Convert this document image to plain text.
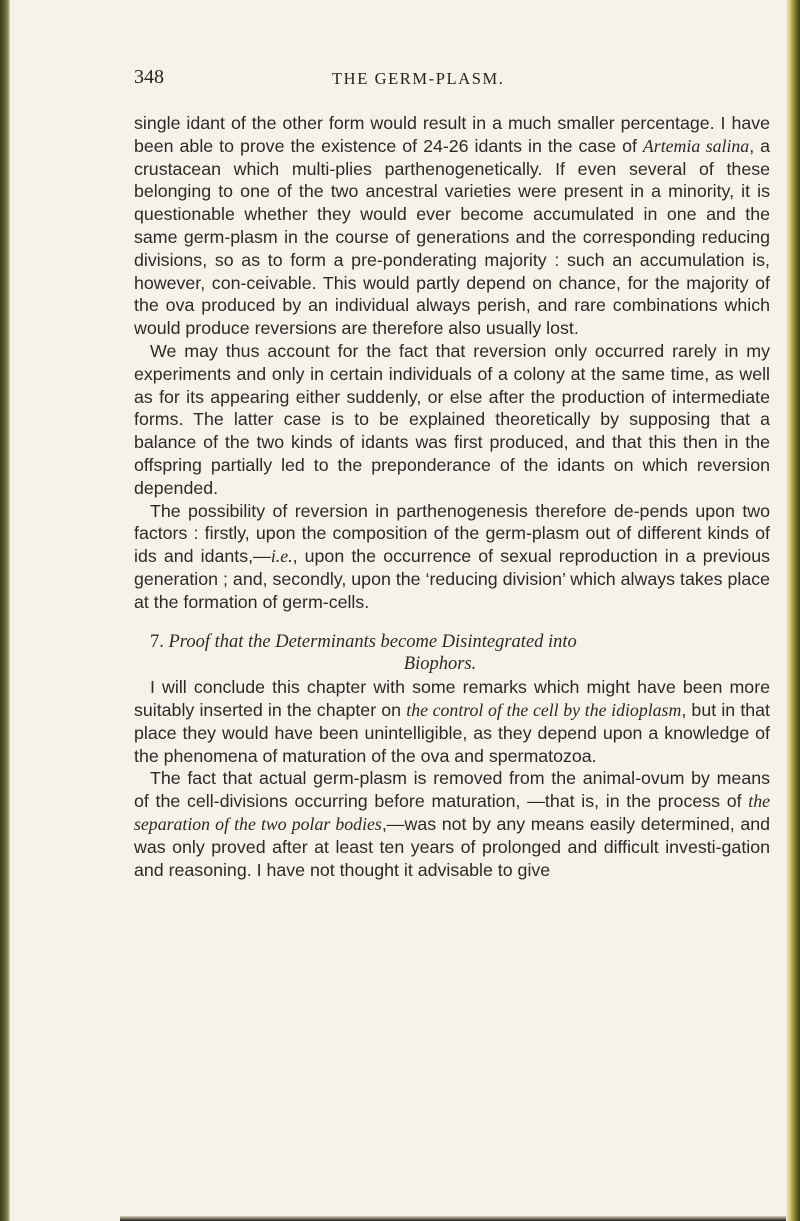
348	THE GERM-PLASM.

single idant of the other form would result in a much smaller percentage. I have been able to prove the existence of 24-26 idants in the case of Artemia salina, a crustacean which multi-plies parthenogenetically. If even several of these belonging to one of the two ancestral varieties were present in a minority, it is questionable whether they would ever become accumulated in one and the same germ-plasm in the course of generations and the corresponding reducing divisions, so as to form a pre-ponderating majority : such an accumulation is, however, con-ceivable. This would partly depend on chance, for the majority of the ova produced by an individual always perish, and rare combinations which would produce reversions are therefore also usually lost.

We may thus account for the fact that reversion only occurred rarely in my experiments and only in certain individuals of a colony at the same time, as well as for its appearing either suddenly, or else after the production of intermediate forms. The latter case is to be explained theoretically by supposing that a balance of the two kinds of idants was first produced, and that this then in the offspring partially led to the preponderance of the idants on which reversion depended.

The possibility of reversion in parthenogenesis therefore de-pends upon two factors : firstly, upon the composition of the germ-plasm out of different kinds of ids and idants,—i.e., upon the occurrence of sexual reproduction in a previous generation ; and, secondly, upon the ‘reducing division’ which always takes place at the formation of germ-cells.

7. Proof that the Determinants become Disintegrated into
Biophors.

I will conclude this chapter with some remarks which might have been more suitably inserted in the chapter on the control of the cell by the idioplasm, but in that place they would have been unintelligible, as they depend upon a knowledge of the phenomena of maturation of the ova and spermatozoa.

The fact that actual germ-plasm is removed from the animal-ovum by means of the cell-divisions occurring before maturation, —that is, in the process of the separation of the two polar bodies,—was not by any means easily determined, and was only proved after at least ten years of prolonged and difficult investi-gation and reasoning. I have not thought it advisable to give
